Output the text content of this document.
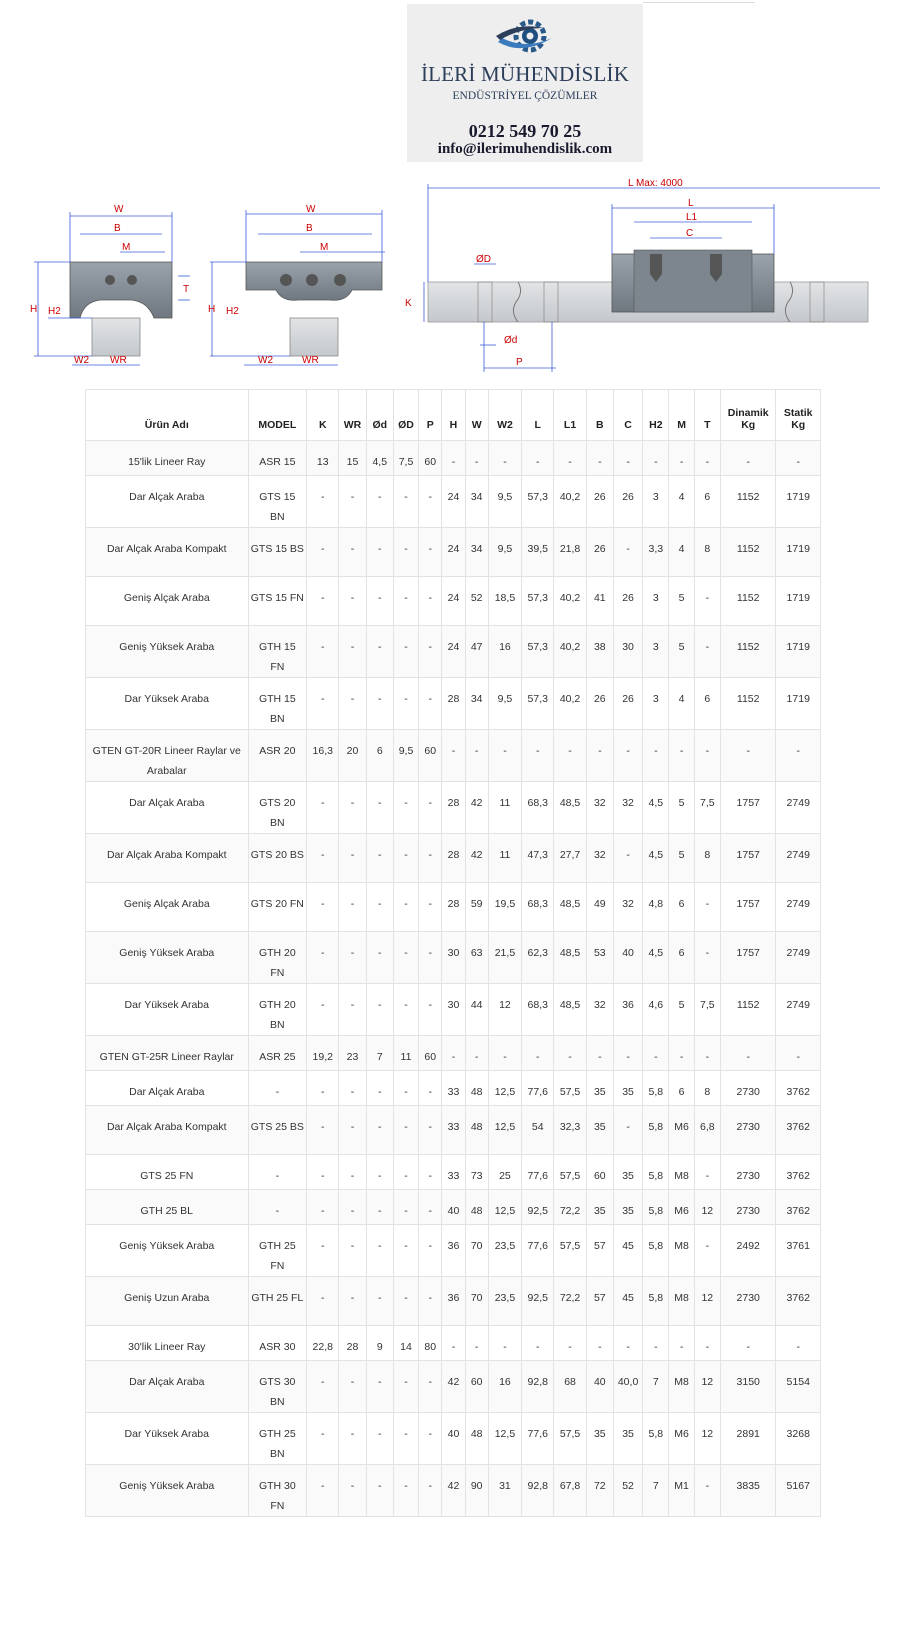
İLERİ MÜHENDİSLİK
ENDÜSTRİYEL ÇÖZÜMLER
0212 549 70 25
info@ilerimuhendislik.com
W
B
M
T
H H2
W2 WR
W
B
M
H H2
W2	WR
L Max: 4000
L
L1
C
ØD
Ød
K
P
Ürün Adı	MODEL	K	WR	Ød	ØD	P	H	W	W2	L	L1	B	C	H2	M	T	Dinamik Kg	Statik Kg
15'lik Lineer Ray	ASR 15	13	15	4,5	7,5	60	-	-	-	-	-	-	-	-	-	-	-	-
Dar Alçak Araba	GTS 15 BN	-	-	-	-	-	24	34	9,5	57,3	40,2	26	26	3	4	6	1152	1719
Dar Alçak Araba Kompakt	GTS 15 BS	-	-	-	-	-	24	34	9,5	39,5	21,8	26	-	3,3	4	8	1152	1719
Geniş Alçak Araba	GTS 15 FN	-	-	-	-	-	24	52	18,5	57,3	40,2	41	26	3	5	-	1152	1719
Geniş Yüksek Araba	GTH 15 FN	-	-	-	-	-	24	47	16	57,3	40,2	38	30	3	5	-	1152	1719
Dar Yüksek Araba	GTH 15 BN	-	-	-	-	-	28	34	9,5	57,3	40,2	26	26	3	4	6	1152	1719
GTEN GT-20R Lineer Raylar ve Arabalar	ASR 20	16,3	20	6	9,5	60	-	-	-	-	-	-	-	-	-	-	-	-
Dar Alçak Araba	GTS 20 BN	-	-	-	-	-	28	42	11	68,3	48,5	32	32	4,5	5	7,5	1757	2749
Dar Alçak Araba Kompakt	GTS 20 BS	-	-	-	-	-	28	42	11	47,3	27,7	32	-	4,5	5	8	1757	2749
Geniş Alçak Araba	GTS 20 FN	-	-	-	-	-	28	59	19,5	68,3	48,5	49	32	4,8	6	-	1757	2749
Geniş Yüksek Araba	GTH 20 FN	-	-	-	-	-	30	63	21,5	62,3	48,5	53	40	4,5	6	-	1757	2749
Dar Yüksek Araba	GTH 20 BN	-	-	-	-	-	30	44	12	68,3	48,5	32	36	4,6	5	7,5	1152	2749
GTEN GT-25R Lineer Raylar	ASR 25	19,2	23	7	11	60	-	-	-	-	-	-	-	-	-	-	-	-
Dar Alçak Araba	-	-	-	-	-	-	33	48	12,5	77,6	57,5	35	35	5,8	6	8	2730	3762
Dar Alçak Araba Kompakt	GTS 25 BS	-	-	-	-	-	33	48	12,5	54	32,3	35	-	5,8	M6	6,8	2730	3762
GTS 25 FN	-	-	-	-	-	-	33	73	25	77,6	57,5	60	35	5,8	M8	-	2730	3762
GTH 25 BL	-	-	-	-	-	-	40	48	12,5	92,5	72,2	35	35	5,8	M6	12	2730	3762
Geniş Yüksek Araba	GTH 25 FN	-	-	-	-	-	36	70	23,5	77,6	57,5	57	45	5,8	M8	-	2492	3761
Geniş Uzun Araba	GTH 25 FL	-	-	-	-	-	36	70	23,5	92,5	72,2	57	45	5,8	M8	12	2730	3762
30'lik Lineer Ray	ASR 30	22,8	28	9	14	80	-	-	-	-	-	-	-	-	-	-	-	-
Dar Alçak Araba	GTS 30 BN	-	-	-	-	-	42	60	16	92,8	68	40	40,0	7	M8	12	3150	5154
Dar Yüksek Araba	GTH 25 BN	-	-	-	-	-	40	48	12,5	77,6	57,5	35	35	5,8	M6	12	2891	3268
Geniş Yüksek Araba	GTH 30 FN	-	-	-	-	-	42	90	31	92,8	67,8	72	52	7	M1	-	3835	5167
